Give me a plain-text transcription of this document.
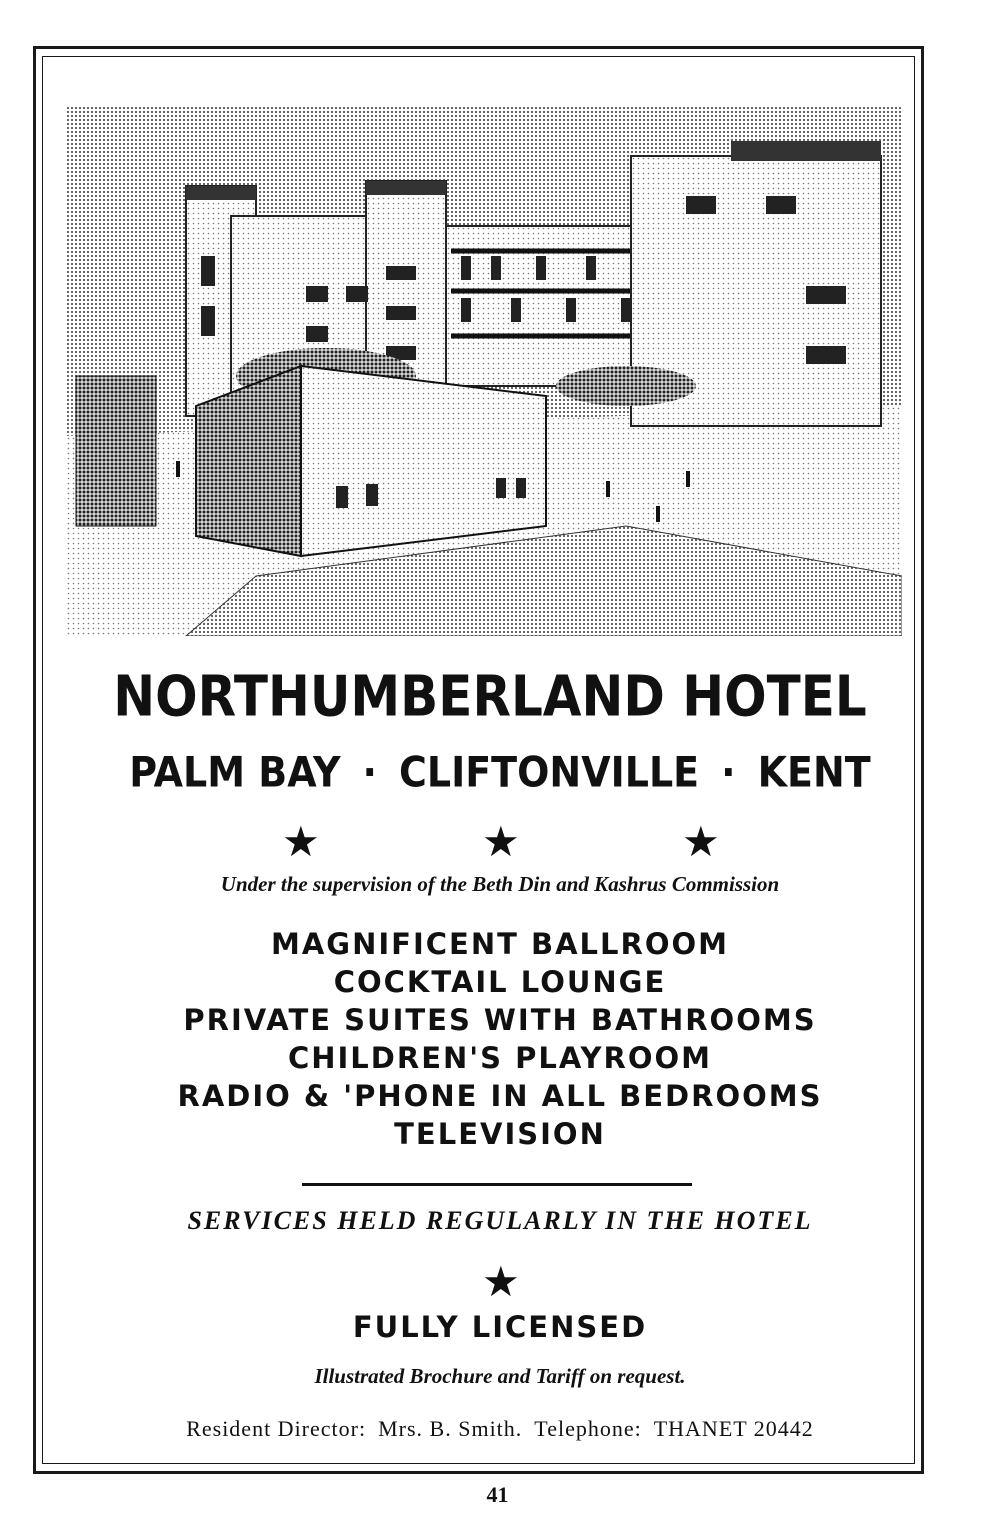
NORTHUMBERLAND HOTEL

PALM BAY · CLIFTONVILLE · KENT

★	★	★

Under the supervision of the Beth Din and Kashrus Commission

MAGNIFICENT BALLROOM
COCKTAIL LOUNGE
PRIVATE SUITES WITH BATHROOMS
CHILDREN'S PLAYROOM
RADIO & 'PHONE IN ALL BEDROOMS
TELEVISION

SERVICES HELD REGULARLY IN THE HOTEL

★

FULLY LICENSED

Illustrated Brochure and Tariff on request.

Resident Director: Mrs. B. Smith. Telephone: THANET 20442

41
